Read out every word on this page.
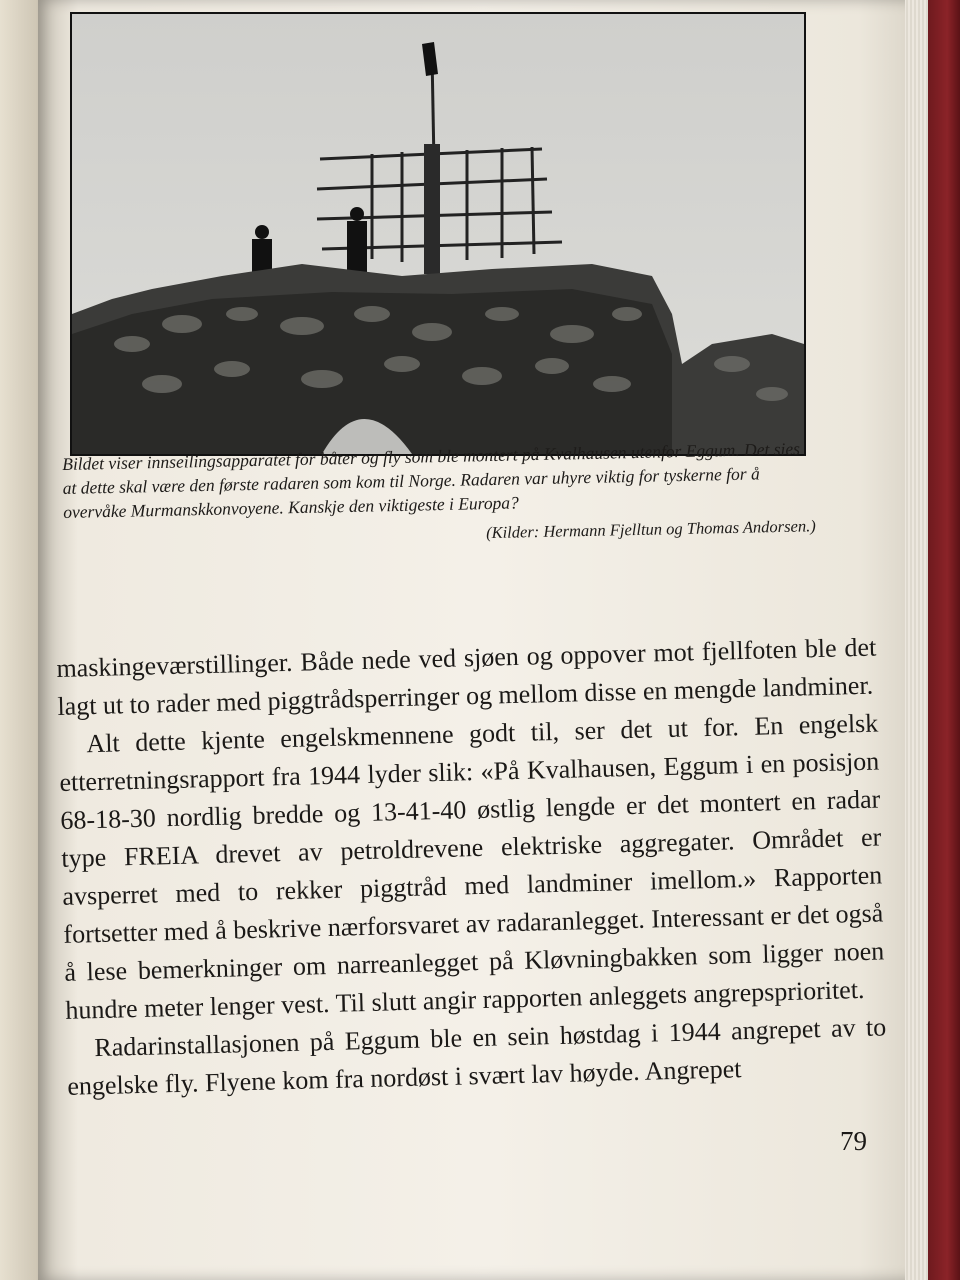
Bildet viser innseilingsapparatet for båter og fly som ble montert på Kvalhausen utenfor Eggum. Det sies at dette skal være den første radaren som kom til Norge. Radaren var uhyre viktig for tyskerne for å overvåke Murmanskkonvoyene. Kanskje den viktigeste i Europa?
(Kilder: Hermann Fjelltun og Thomas Andorsen.)

maskingeværstillinger. Både nede ved sjøen og oppover mot fjellfoten ble det lagt ut to rader med piggtrådsperringer og mellom disse en mengde landminer.

Alt dette kjente engelskmennene godt til, ser det ut for. En engelsk etterretningsrapport fra 1944 lyder slik: «På Kvalhausen, Eggum i en posisjon 68-18-30 nordlig bredde og 13-41-40 østlig lengde er det montert en radar type FREIA drevet av petroldrevene elektriske aggregater. Området er avsperret med to rekker piggtråd med landminer imellom.» Rapporten fortsetter med å beskrive nærforsvaret av radaranlegget. Interessant er det også å lese bemerkninger om narreanlegget på Kløvningbakken som ligger noen hundre meter lenger vest. Til slutt angir rapporten anleggets angrepsprioritet.

Radarinstallasjonen på Eggum ble en sein høstdag i 1944 angrepet av to engelske fly. Flyene kom fra nordøst i svært lav høyde. Angrepet

79
